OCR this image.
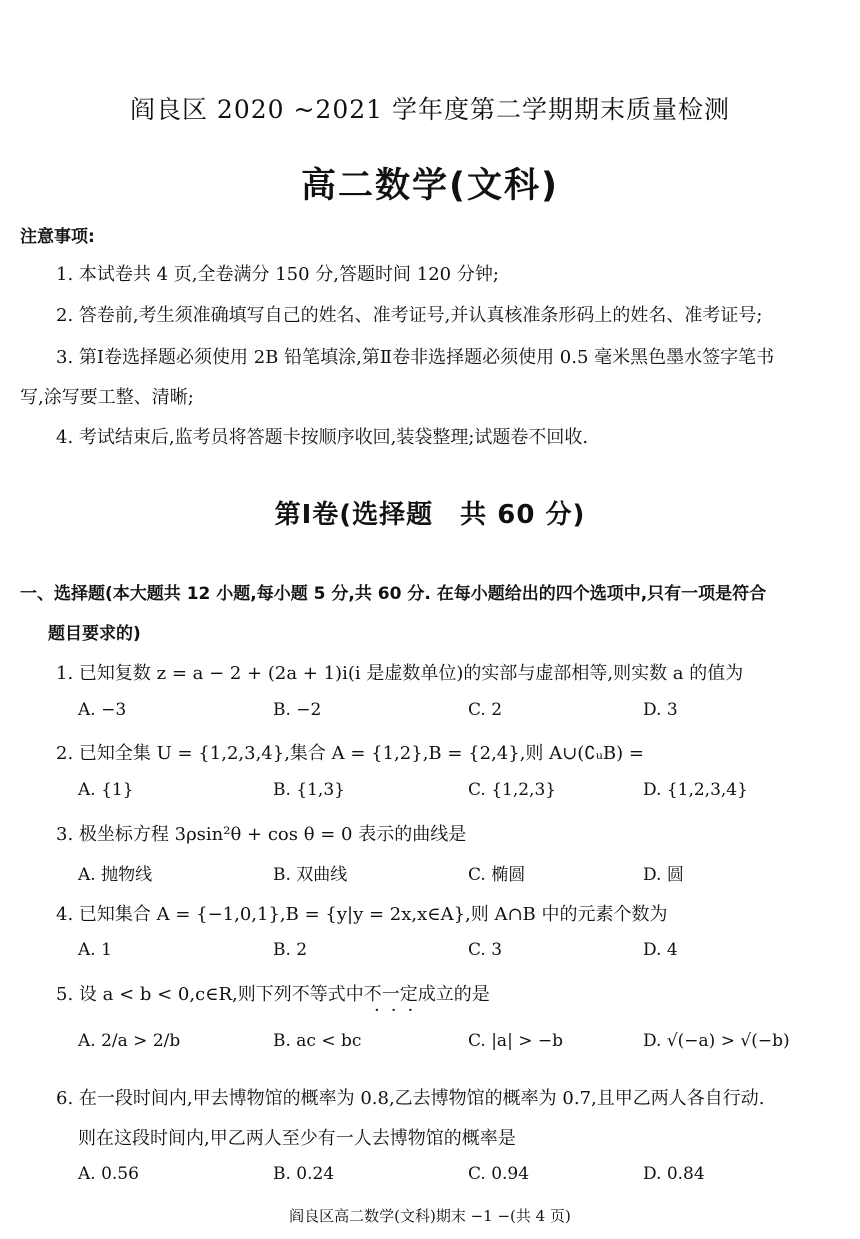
阎良区 2020 ~2021 学年度第二学期期末质量检测
高二数学(文科)
注意事项:
1. 本试卷共 4 页,全卷满分 150 分,答题时间 120 分钟;
2. 答卷前,考生须准确填写自己的姓名、准考证号,并认真核准条形码上的姓名、准考证号;
3. 第Ⅰ卷选择题必须使用 2B 铅笔填涂,第Ⅱ卷非选择题必须使用 0.5 毫米黑色墨水签字笔书
写,涂写要工整、清晰;
4. 考试结束后,监考员将答题卡按顺序收回,装袋整理;试题卷不回收.
第Ⅰ卷(选择题　共 60 分)
一、选择题(本大题共 12 小题,每小题 5 分,共 60 分. 在每小题给出的四个选项中,只有一项是符合
题目要求的)
1. 已知复数 z = a − 2 + (2a + 1)i(i 是虚数单位)的实部与虚部相等,则实数 a 的值为
A. −3	B. −2	C. 2	D. 3
2. 已知全集 U = {1,2,3,4},集合 A = {1,2},B = {2,4},则 A∪(∁ᵤB) =
A. {1}	B. {1,3}	C. {1,2,3}	D. {1,2,3,4}
3. 极坐标方程 3ρsin²θ + cos θ = 0 表示的曲线是
A. 抛物线	B. 双曲线	C. 椭圆	D. 圆
4. 已知集合 A = {−1,0,1},B = {y|y = 2x,x∈A},则 A∩B 中的元素个数为
A. 1	B. 2	C. 3	D. 4
5. 设 a < b < 0,c∈R,则下列不等式中不一定成立的是
···
A. 2/a > 2/b	B. ac < bc	C. |a| > −b	D. √(−a) > √(−b)
6. 在一段时间内,甲去博物馆的概率为 0.8,乙去博物馆的概率为 0.7,且甲乙两人各自行动.
则在这段时间内,甲乙两人至少有一人去博物馆的概率是
A. 0.56	B. 0.24	C. 0.94	D. 0.84
阎良区高二数学(文科)期末 −1 −(共 4 页)
